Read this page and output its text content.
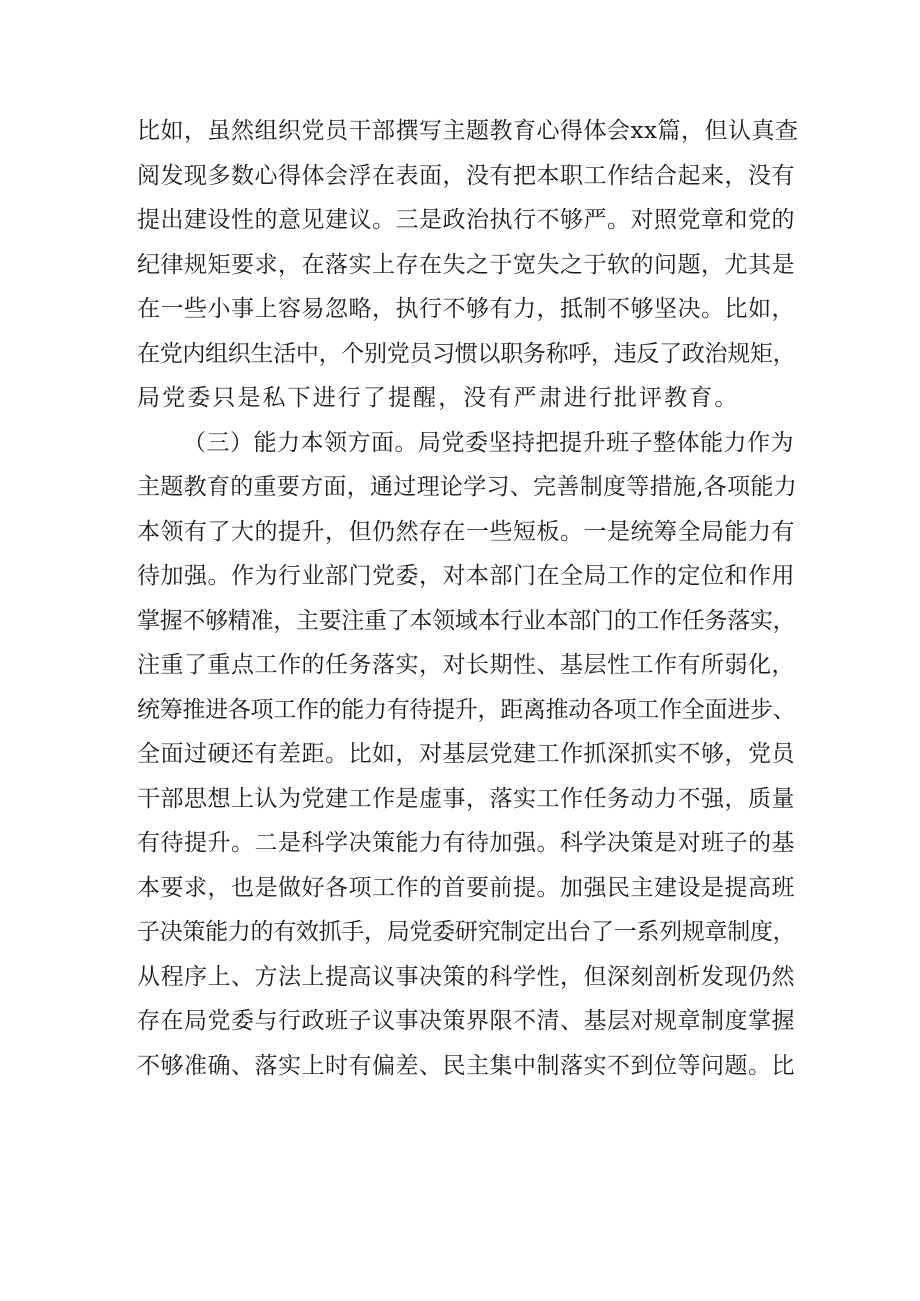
比如，虽然组织党员干部撰写主题教育心得体会xx篇，但认真查
阅发现多数心得体会浮在表面，没有把本职工作结合起来，没有
提出建设性的意见建议。三是政治执行不够严。对照党章和党的
纪律规矩要求，在落实上存在失之于宽失之于软的问题，尤其是
在一些小事上容易忽略，执行不够有力，抵制不够坚决。比如，
在党内组织生活中，个别党员习惯以职务称呼，违反了政治规矩，
局党委只是私下进行了提醒，没有严肃进行批评教育。
（三）能力本领方面。局党委坚持把提升班子整体能力作为
主题教育的重要方面，通过理论学习、完善制度等措施,各项能力
本领有了大的提升，但仍然存在一些短板。一是统筹全局能力有
待加强。作为行业部门党委，对本部门在全局工作的定位和作用
掌握不够精准，主要注重了本领域本行业本部门的工作任务落实，
注重了重点工作的任务落实，对长期性、基层性工作有所弱化，
统筹推进各项工作的能力有待提升，距离推动各项工作全面进步、
全面过硬还有差距。比如，对基层党建工作抓深抓实不够，党员
干部思想上认为党建工作是虚事，落实工作任务动力不强，质量
有待提升。二是科学决策能力有待加强。科学决策是对班子的基
本要求，也是做好各项工作的首要前提。加强民主建设是提高班
子决策能力的有效抓手，局党委研究制定出台了一系列规章制度，
从程序上、方法上提高议事决策的科学性，但深刻剖析发现仍然
存在局党委与行政班子议事决策界限不清、基层对规章制度掌握
不够准确、落实上时有偏差、民主集中制落实不到位等问题。比
